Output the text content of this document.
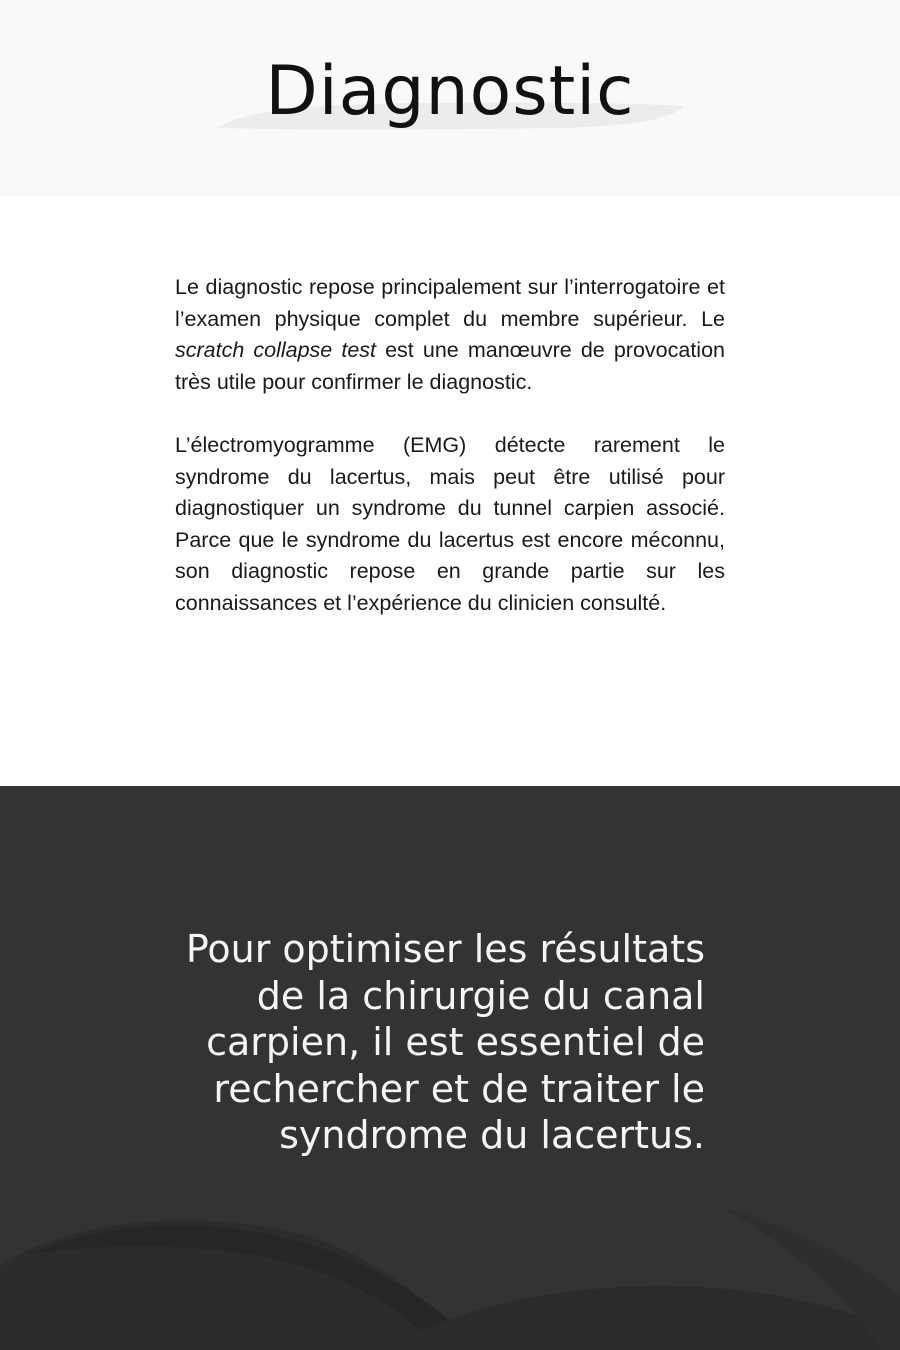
Diagnostic

Le diagnostic repose principalement sur l’interrogatoire et l’examen physique complet du membre supérieur. Le scratch collapse test est une manœuvre de provocation très utile pour confirmer le diagnostic.

L’électromyogramme (EMG) détecte rarement le syndrome du lacertus, mais peut être utilisé pour diagnostiquer un syndrome du tunnel carpien associé. Parce que le syndrome du lacertus est encore méconnu, son diagnostic repose en grande partie sur les connaissances et l’expérience du clinicien consulté.

Pour optimiser les résultats de la chirurgie du canal carpien, il est essentiel de rechercher et de traiter le syndrome du lacertus.
